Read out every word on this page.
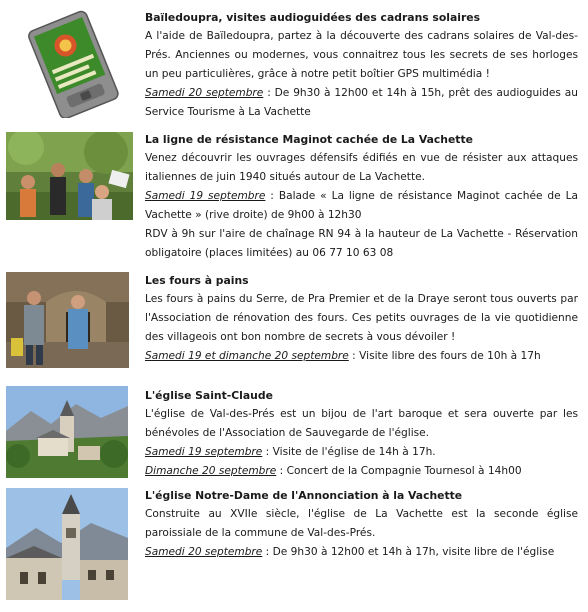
Baïledoupra, visites audioguidées des cadrans solaires

A l'aide de Baïledoupra, partez à la découverte des cadrans solaires de Val-des-Prés. Anciennes ou modernes, vous connaitrez tous les secrets de ses horloges un peu particulières, grâce à notre petit boîtier GPS multimédia !

Samedi 20 septembre : De 9h30 à 12h00 et 14h à 15h, prêt des audioguides au Service Tourisme à La Vachette

La ligne de résistance Maginot cachée de La Vachette

Venez découvrir les ouvrages défensifs édifiés en vue de résister aux attaques italiennes de juin 1940 situés autour de La Vachette.

Samedi 19 septembre : Balade « La ligne de résistance Maginot cachée de La Vachette » (rive droite) de 9h00 à 12h30

RDV à 9h sur l'aire de chaînage RN 94 à la hauteur de La Vachette - Réservation obligatoire (places limitées) au 06 77 10 63 08

Les fours à pains

Les fours à pains du Serre, de Pra Premier et de la Draye seront tous ouverts par l'Association de rénovation des fours. Ces petits ouvrages de la vie quotidienne des villageois ont bon nombre de secrets à vous dévoiler !

Samedi 19 et dimanche 20 septembre : Visite libre des fours de 10h à 17h

L'église Saint-Claude

L'église de Val-des-Prés est un bijou de l'art baroque et sera ouverte par les bénévoles de l'Association de Sauvegarde de l'église.

Samedi 19 septembre : Visite de l'église de 14h à 17h.

Dimanche 20 septembre : Concert de la Compagnie Tournesol à 14h00

L'église Notre-Dame de l'Annonciation à la Vachette

Construite au XVIIe siècle, l'église de La Vachette est la seconde église paroissiale de la commune de Val-des-Prés.

Samedi 20 septembre : De 9h30 à 12h00 et 14h à 17h, visite libre de l'église
